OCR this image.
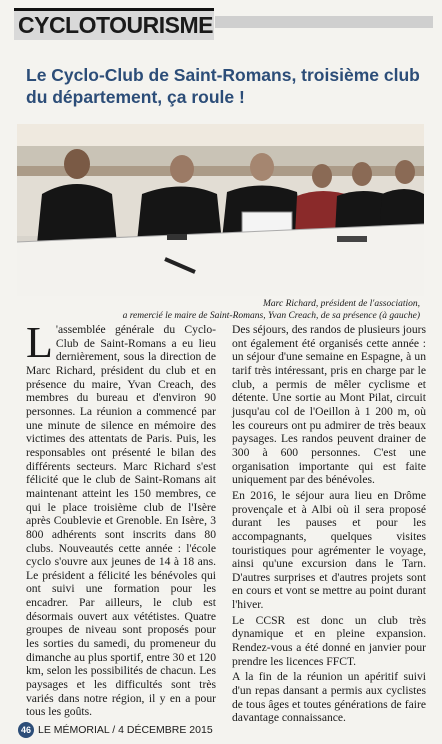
CYCLOTOURISME
Le Cyclo-Club de Saint-Romans, troisième club du département, ça roule !
Marc Richard, président de l'association,
a remercié le maire de Saint-Romans, Yvan Creach, de sa présence (à gauche)

L 'assemblée générale du Cyclo-Club de Saint-Romans a eu lieu dernièrement, sous la direction de Marc Richard, président du club et en présence du maire, Yvan Creach, des membres du bureau et d'environ 90 personnes. La réunion a commencé par une minute de silence en mémoire des victimes des attentats de Paris. Puis, les responsables ont présenté le bilan des différents secteurs. Marc Richard s'est félicité que le club de Saint-Romans ait maintenant atteint les 150 membres, ce qui le place troisième club de l'Isère après Coublevie et Grenoble. En Isère, 3 800 adhérents sont inscrits dans 80 clubs. Nouveautés cette année : l'école cyclo s'ouvre aux jeunes de 14 à 18 ans. Le président a félicité les bénévoles qui ont suivi une formation pour les encadrer. Par ailleurs, le club est désormais ouvert aux vététistes. Quatre groupes de niveau sont proposés pour les sorties du samedi, du promeneur du dimanche au plus sportif, entre 30 et 120 km, selon les possibilités de chacun. Les paysages et les difficultés sont très variés dans notre région, il y en a pour tous les goûts.

Des séjours, des randos de plusieurs jours ont également été organisés cette année : un séjour d'une semaine en Espagne, à un tarif très intéressant, pris en charge par le club, a permis de mêler cyclisme et détente. Une sortie au Mont Pilat, circuit jusqu'au col de l'Oeillon à 1 200 m, où les coureurs ont pu admirer de très beaux paysages. Les randos peuvent drainer de 300 à 600 personnes. C'est une organisation importante qui est faite uniquement par des bénévoles.

En 2016, le séjour aura lieu en Drôme provençale et à Albi où il sera proposé durant les pauses et pour les accompagnants, quelques visites touristiques pour agrémenter le voyage, ainsi qu'une excursion dans le Tarn. D'autres surprises et d'autres projets sont en cours et vont se mettre au point durant l'hiver.

Le CCSR est donc un club très dynamique et en pleine expansion. Rendez-vous a été donné en janvier pour prendre les licences FFCT.

A la fin de la réunion un apéritif suivi d'un repas dansant a permis aux cyclistes de tous âges et toutes générations de faire davantage connaissance.

46 LE MÉMORIAL / 4 DÉCEMBRE 2015
